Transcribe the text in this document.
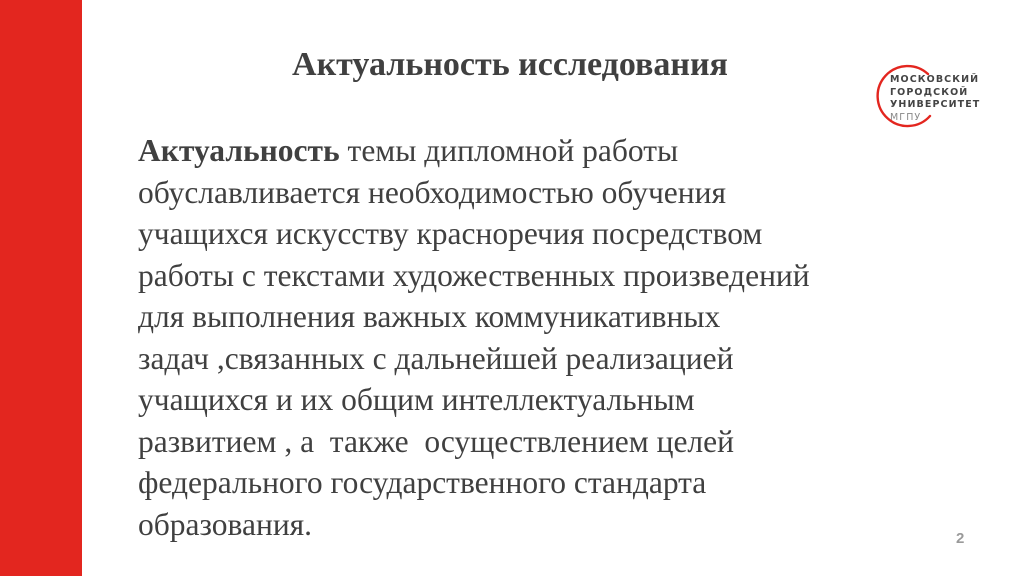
Актуальность исследования	МОСКОВСКИЙ
ГОРОДСКОЙ
УНИВЕРСИТЕТ
МГПУ
Актуальность темы дипломной работы
обуславливается необходимостью обучения
учащихся искусству красноречия посредством
работы с текстами художественных произведений
для выполнения важных коммуникативных
задач ,связанных с дальнейшей реализацией
учащихся и их общим интеллектуальным
развитием , а  также  осуществлением целей
федерального государственного стандарта
образования.	2
